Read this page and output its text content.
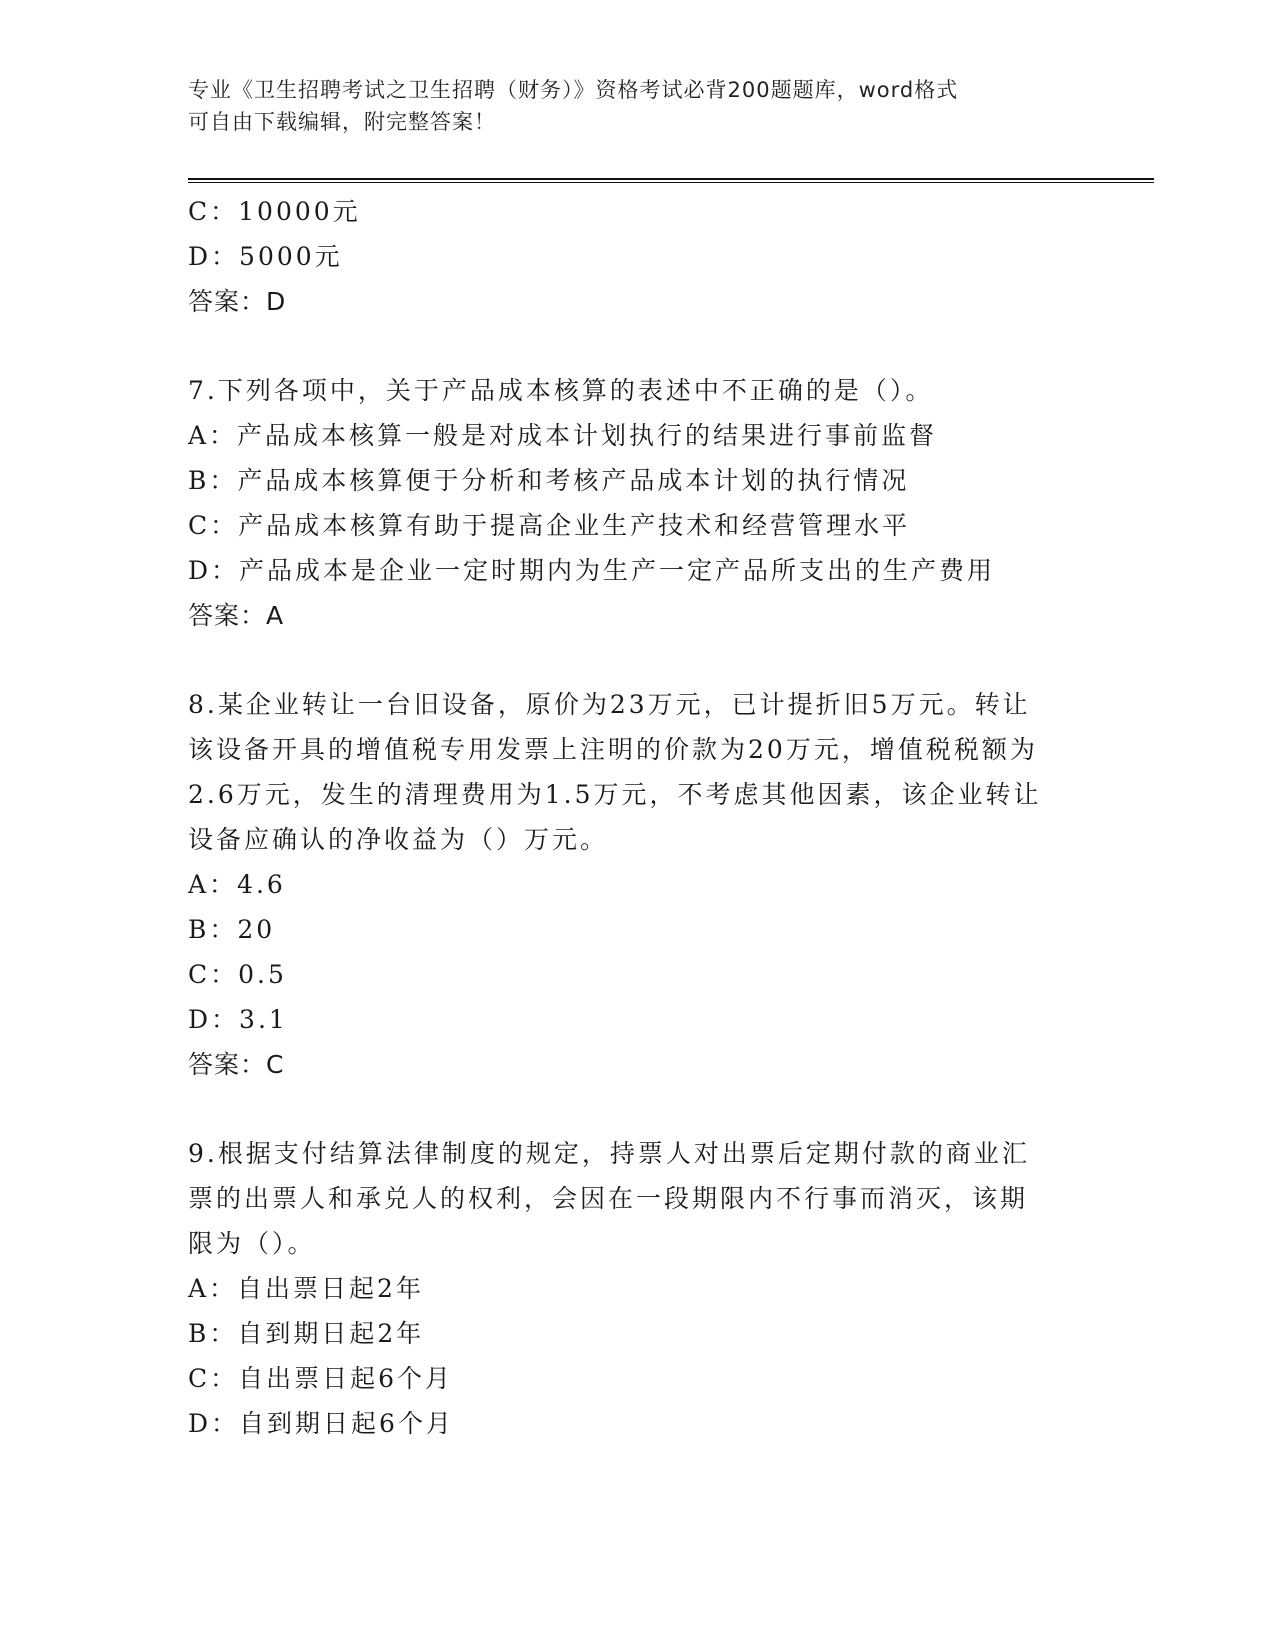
专业《卫生招聘考试之卫生招聘（财务）》资格考试必背200题题库，word格式
可自由下载编辑，附完整答案！
C：10000元
D：5000元
答案：D
7.下列各项中，关于产品成本核算的表述中不正确的是（）。
A：产品成本核算一般是对成本计划执行的结果进行事前监督
B：产品成本核算便于分析和考核产品成本计划的执行情况
C：产品成本核算有助于提高企业生产技术和经营管理水平
D：产品成本是企业一定时期内为生产一定产品所支出的生产费用
答案：A
8.某企业转让一台旧设备，原价为23万元，已计提折旧5万元。转让
该设备开具的增值税专用发票上注明的价款为20万元，增值税税额为
2.6万元，发生的清理费用为1.5万元，不考虑其他因素，该企业转让
设备应确认的净收益为（）万元。
A：4.6
B：20
C：0.5
D：3.1
答案：C
9.根据支付结算法律制度的规定，持票人对出票后定期付款的商业汇
票的出票人和承兑人的权利，会因在一段期限内不行事而消灭，该期
限为（）。
A：自出票日起2年
B：自到期日起2年
C：自出票日起6个月
D：自到期日起6个月
